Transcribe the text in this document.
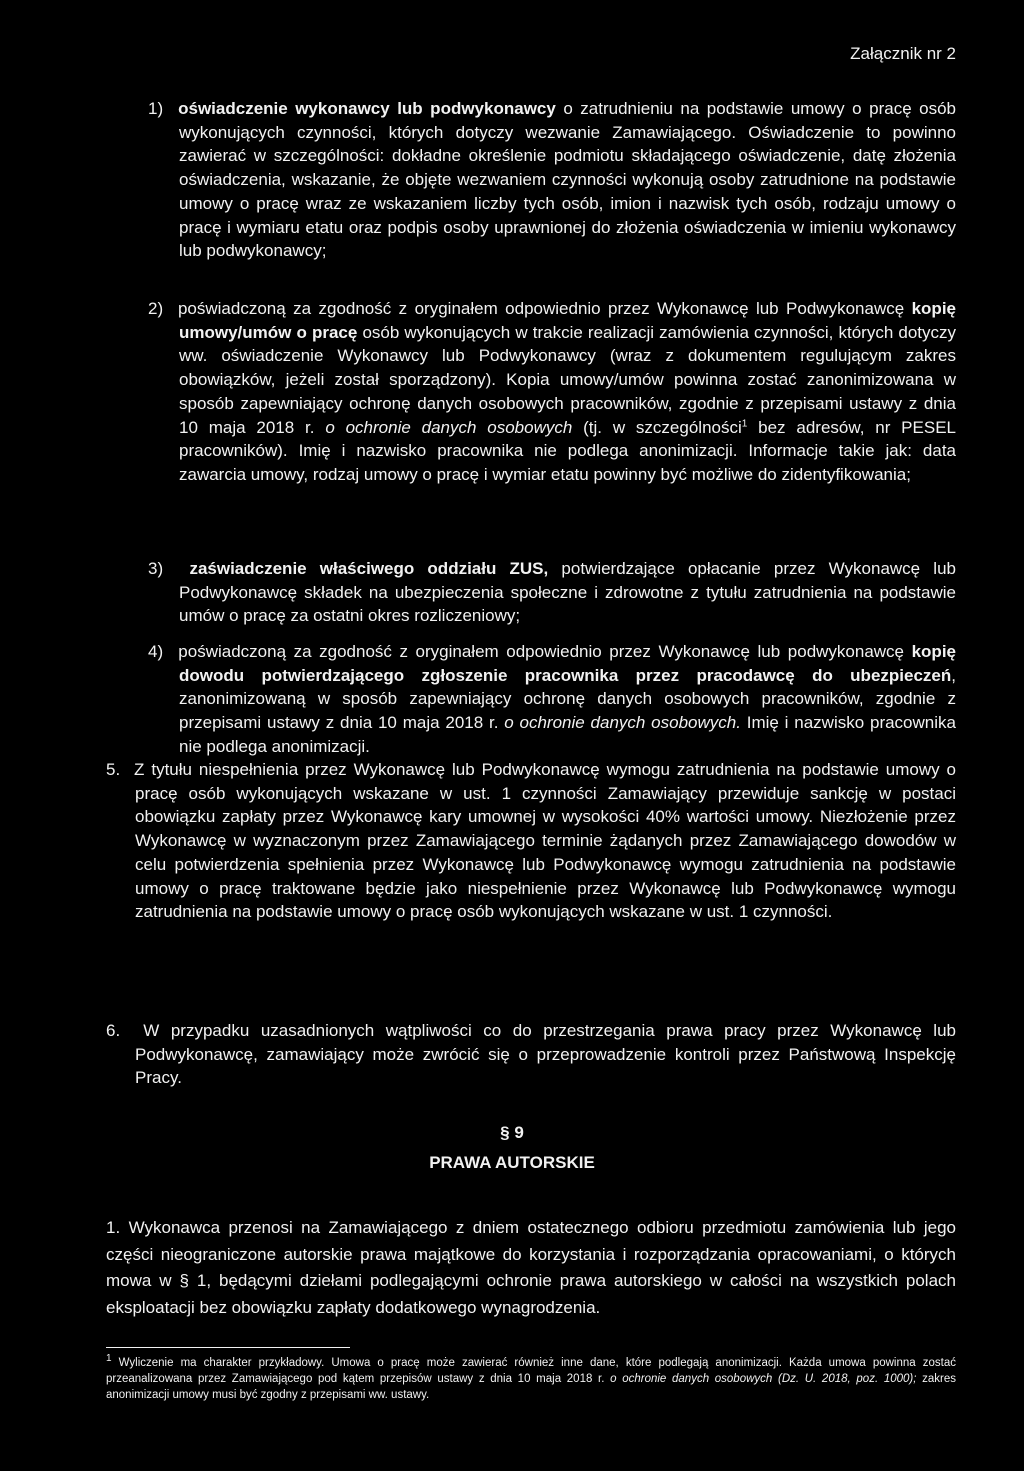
Załącznik nr 2

1) oświadczenie wykonawcy lub podwykonawcy o zatrudnieniu na podstawie umowy o pracę osób wykonujących czynności, których dotyczy wezwanie Zamawiającego. Oświadczenie to powinno zawierać w szczególności: dokładne określenie podmiotu składającego oświadczenie, datę złożenia oświadczenia, wskazanie, że objęte wezwaniem czynności wykonują osoby zatrudnione na podstawie umowy o pracę wraz ze wskazaniem liczby tych osób, imion i nazwisk tych osób, rodzaju umowy o pracę i wymiaru etatu oraz podpis osoby uprawnionej do złożenia oświadczenia w imieniu wykonawcy lub podwykonawcy;

2) poświadczoną za zgodność z oryginałem odpowiednio przez Wykonawcę lub Podwykonawcę kopię umowy/umów o pracę osób wykonujących w trakcie realizacji zamówienia czynności, których dotyczy ww. oświadczenie Wykonawcy lub Podwykonawcy (wraz z dokumentem regulującym zakres obowiązków, jeżeli został sporządzony). Kopia umowy/umów powinna zostać zanonimizowana w sposób zapewniający ochronę danych osobowych pracowników, zgodnie z przepisami ustawy z dnia 10 maja 2018 r. o ochronie danych osobowych (tj. w szczególności$^1$ bez adresów, nr PESEL pracowników). Imię i nazwisko pracownika nie podlega anonimizacji. Informacje takie jak: data zawarcia umowy, rodzaj umowy o pracę i wymiar etatu powinny być możliwe do zidentyfikowania;

3) zaświadczenie właściwego oddziału ZUS, potwierdzające opłacanie przez Wykonawcę lub Podwykonawcę składek na ubezpieczenia społeczne i zdrowotne z tytułu zatrudnienia na podstawie umów o pracę za ostatni okres rozliczeniowy;

4) poświadczoną za zgodność z oryginałem odpowiednio przez Wykonawcę lub podwykonawcę kopię dowodu potwierdzającego zgłoszenie pracownika przez pracodawcę do ubezpieczeń, zanonimizowaną w sposób zapewniający ochronę danych osobowych pracowników, zgodnie z przepisami ustawy z dnia 10 maja 2018 r. o ochronie danych osobowych. Imię i nazwisko pracownika nie podlega anonimizacji.

5. Z tytułu niespełnienia przez Wykonawcę lub Podwykonawcę wymogu zatrudnienia na podstawie umowy o pracę osób wykonujących wskazane w ust. 1 czynności Zamawiający przewiduje sankcję w postaci obowiązku zapłaty przez Wykonawcę kary umownej w wysokości 40% wartości umowy. Niezłożenie przez Wykonawcę w wyznaczonym przez Zamawiającego terminie żądanych przez Zamawiającego dowodów w celu potwierdzenia spełnienia przez Wykonawcę lub Podwykonawcę wymogu zatrudnienia na podstawie umowy o pracę traktowane będzie jako niespełnienie przez Wykonawcę lub Podwykonawcę wymogu zatrudnienia na podstawie umowy o pracę osób wykonujących wskazane w ust. 1 czynności.

6. W przypadku uzasadnionych wątpliwości co do przestrzegania prawa pracy przez Wykonawcę lub Podwykonawcę, zamawiający może zwrócić się o przeprowadzenie kontroli przez Państwową Inspekcję Pracy.

§ 9
PRAWA AUTORSKIE

1. Wykonawca przenosi na Zamawiającego z dniem ostatecznego odbioru przedmiotu zamówienia lub jego części nieograniczone autorskie prawa majątkowe do korzystania i rozporządzania opracowaniami, o których mowa w § 1, będącymi dziełami podlegającymi ochronie prawa autorskiego w całości na wszystkich polach eksploatacji bez obowiązku zapłaty dodatkowego wynagrodzenia.

1 Wyliczenie ma charakter przykładowy. Umowa o pracę może zawierać również inne dane, które podlegają anonimizacji. Każda umowa powinna zostać przeanalizowana przez Zamawiającego pod kątem przepisów ustawy z dnia 10 maja 2018 r. o ochronie danych osobowych (Dz. U. 2018, poz. 1000); zakres anonimizacji umowy musi być zgodny z przepisami ww. ustawy.
